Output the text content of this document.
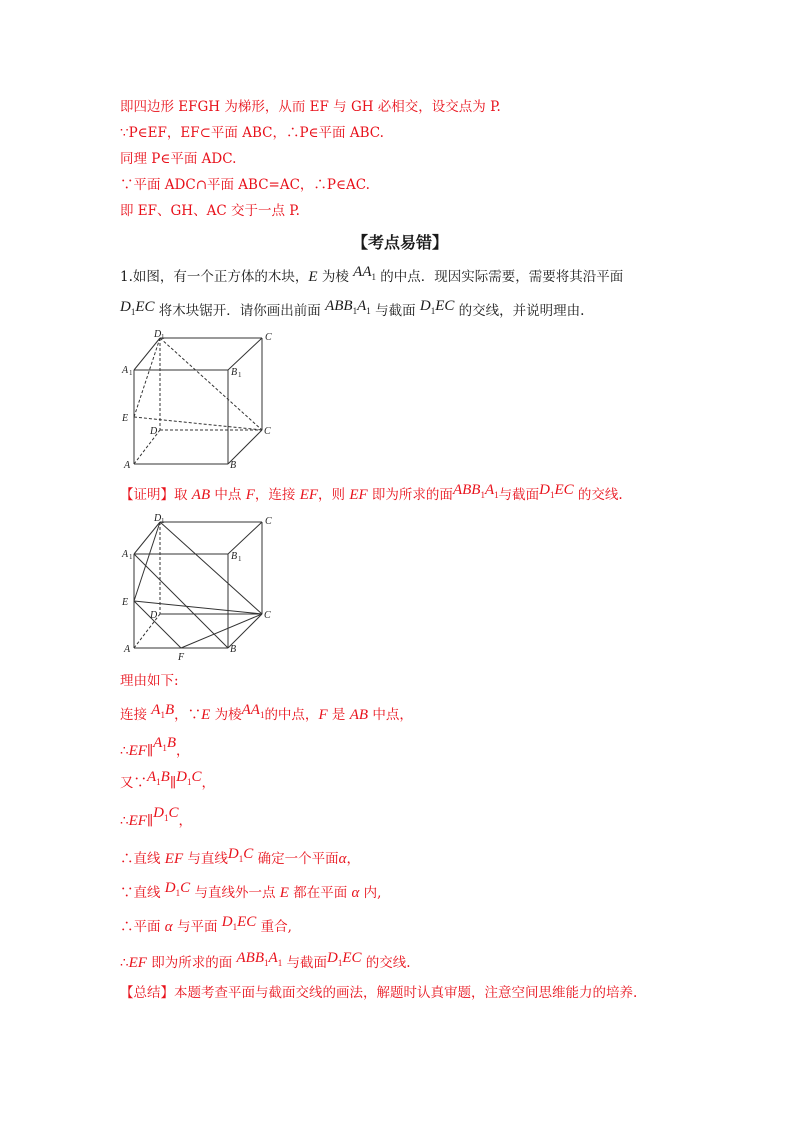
即四边形 EFGH 为梯形，从而 EF 与 GH 必相交，设交点为 P.
∵P∈EF，EF⊂平面 ABC，∴P∈平面 ABC.
同理 P∈平面 ADC.
∵平面 ADC∩平面 ABC=AC，∴P∈AC.
即 EF、GH、AC 交于一点 P.
【考点易错】
1.如图，有一个正方体的木块，E 为棱 $AA_1$ 的中点．现因实际需要，需要将其沿平面
$D_1EC$ 将木块锯开．请你画出前面 $ABB_1A_1$ 与截面 $D_1EC$ 的交线，并说明理由.
D 1	C
A 1	B 1
E
D	C
A	B
【证明】取 AB 中点 F，连接 EF，则 EF 即为所求的面$ABB_1A_1$与截面$D_1EC$ 的交线.
D 1	C
A 1	B 1
E
D	C
A	B
F
理由如下:
连接 $A_1B$，∵E 为棱$AA_1$的中点，F 是 AB 中点，
$\therefore EF\parallel A_1B$，
又$\because A_1B\parallel D_1C$，
$\therefore EF\parallel D_1C$，
∴直线 EF 与直线$D_1C$ 确定一个平面α，
∵直线 $D_1C$ 与直线外一点 E 都在平面 α 内,
∴平面 α 与平面 $D_1EC$ 重合,
∴EF 即为所求的面 $ABB_1A_1$ 与截面$D_1EC$ 的交线.
【总结】本题考查平面与截面交线的画法，解题时认真审题，注意空间思维能力的培养.
